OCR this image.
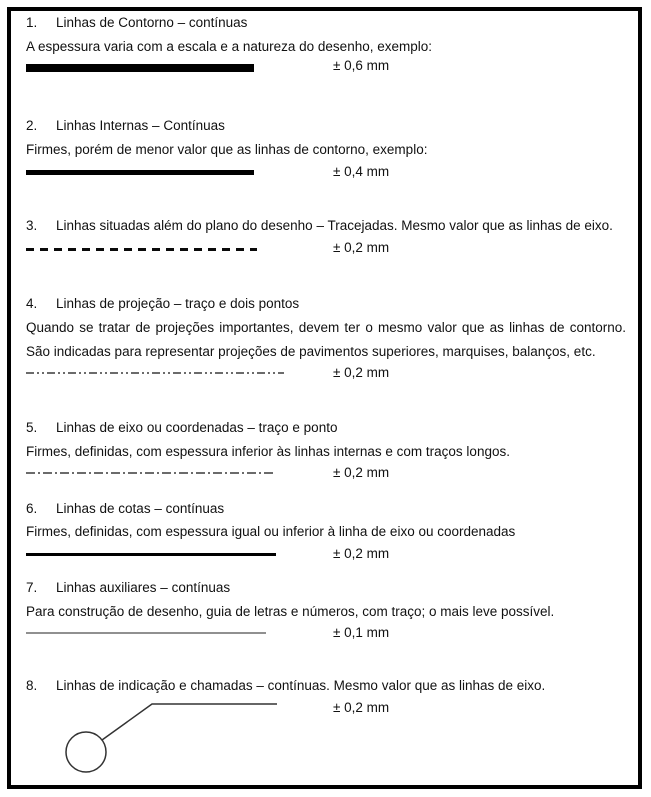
1. Linhas de Contorno – contínuas
A espessura varia com a escala e a natureza do desenho, exemplo:
± 0,6 mm
2. Linhas Internas – Contínuas
Firmes, porém de menor valor que as linhas de contorno, exemplo:
± 0,4 mm
3. Linhas situadas além do plano do desenho – Tracejadas. Mesmo valor que as linhas de eixo.
± 0,2 mm
4. Linhas de projeção – traço e dois pontos
Quando se tratar de projeções importantes, devem ter o mesmo valor que as linhas de contorno. São indicadas para representar projeções de pavimentos superiores, marquises, balanços, etc.
± 0,2 mm
5. Linhas de eixo ou coordenadas – traço e ponto
Firmes, definidas, com espessura inferior às linhas internas e com traços longos.
± 0,2 mm
6. Linhas de cotas – contínuas
Firmes, definidas, com espessura igual ou inferior à linha de eixo ou coordenadas
± 0,2 mm
7. Linhas auxiliares – contínuas
Para construção de desenho, guia de letras e números, com traço; o mais leve possível.
± 0,1 mm
8. Linhas de indicação e chamadas – contínuas. Mesmo valor que as linhas de eixo.
± 0,2 mm
